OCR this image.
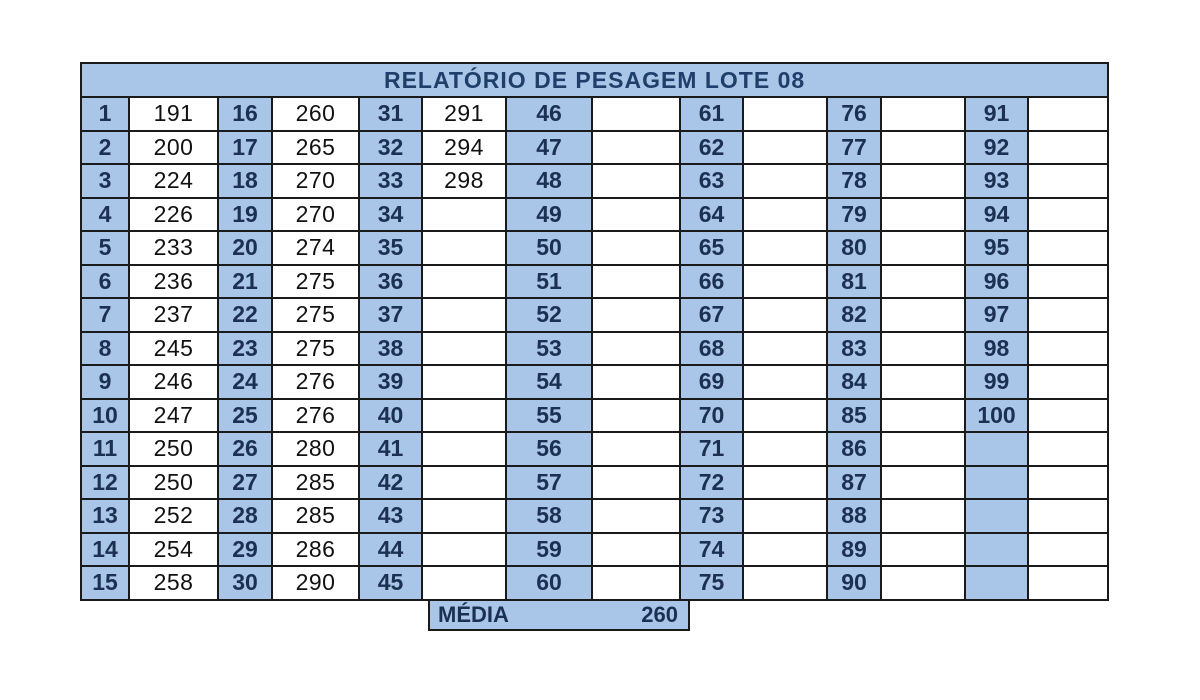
RELATÓRIO DE PESAGEM LOTE 08													
1	191	16	260	31	291	46		61		76		91	
2	200	17	265	32	294	47		62		77		92	
3	224	18	270	33	298	48		63		78		93	
4	226	19	270	34		49		64		79		94	
5	233	20	274	35		50		65		80		95	
6	236	21	275	36		51		66		81		96	
7	237	22	275	37		52		67		82		97	
8	245	23	275	38		53		68		83		98	
9	246	24	276	39		54		69		84		99	
10	247	25	276	40		55		70		85		100	
11	250	26	280	41		56		71		86			
12	250	27	285	42		57		72		87			
13	252	28	285	43		58		73		88			
14	254	29	286	44		59		74		89			
15	258	30	290	45		60		75		90			
MÉDIA	260
